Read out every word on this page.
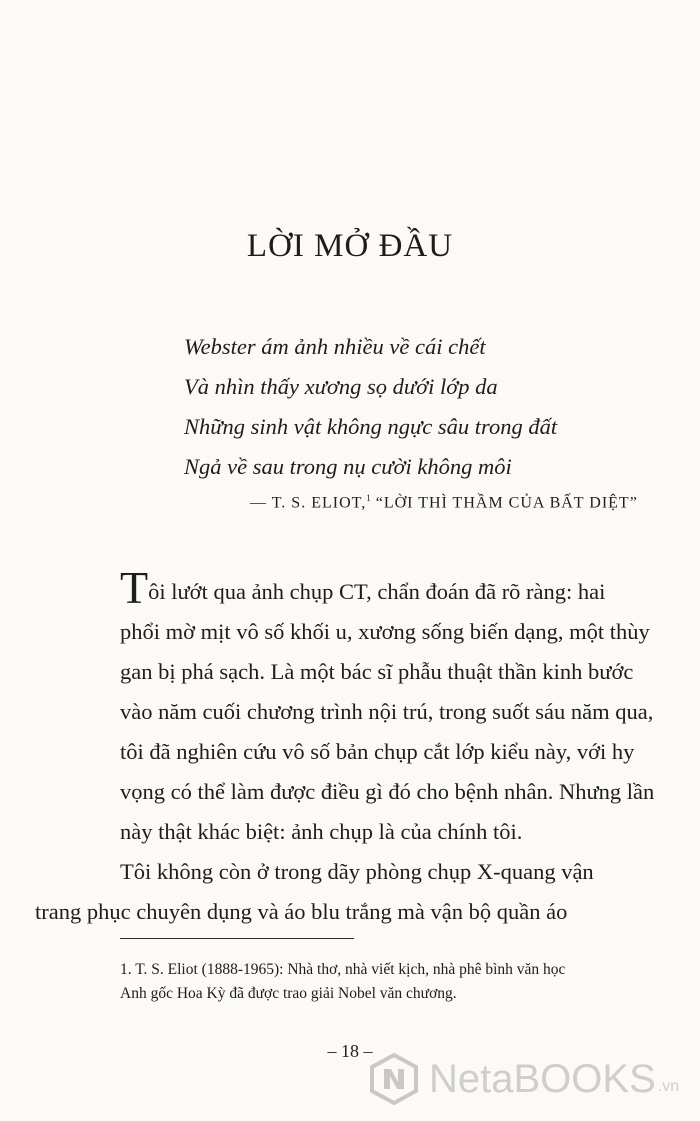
LỜI MỞ ĐẦU
Webster ám ảnh nhiều về cái chết
Và nhìn thấy xương sọ dưới lớp da
Những sinh vật không ngực sâu trong đất
Ngả về sau trong nụ cười không môi
— T. S. ELIOT,$^1$ “LỜI THÌ THẦM CỦA BẤT DIỆT”
Tôi lướt qua ảnh chụp CT, chẩn đoán đã rõ ràng: hai
phổi mờ mịt vô số khối u, xương sống biến dạng, một thùy
gan bị phá sạch. Là một bác sĩ phẫu thuật thần kinh bước
vào năm cuối chương trình nội trú, trong suốt sáu năm qua,
tôi đã nghiên cứu vô số bản chụp cắt lớp kiểu này, với hy
vọng có thể làm được điều gì đó cho bệnh nhân. Nhưng lần
này thật khác biệt: ảnh chụp là của chính tôi.
Tôi không còn ở trong dãy phòng chụp X-quang vận
trang phục chuyên dụng và áo blu trắng mà vận bộ quần áo
1. T. S. Eliot (1888-1965): Nhà thơ, nhà viết kịch, nhà phê bình văn học
Anh gốc Hoa Kỳ đã được trao giải Nobel văn chương.
– 18 –
NetaBOOKS .vn
